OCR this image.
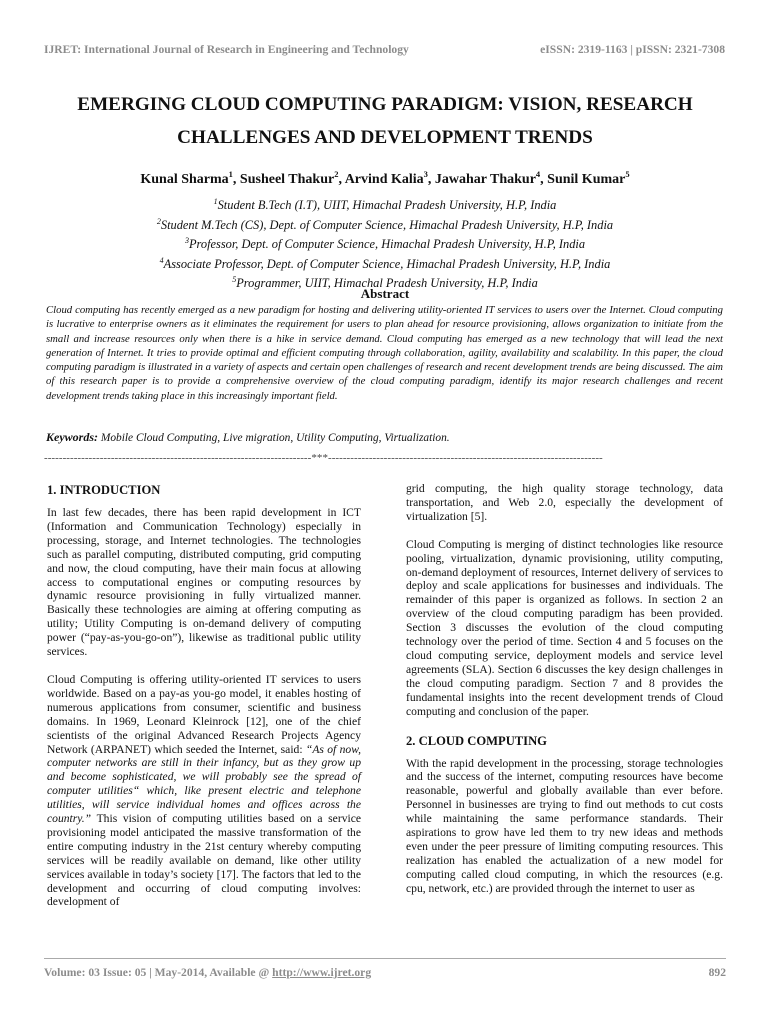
IJRET: International Journal of Research in Engineering and Technology	eISSN: 2319-1163 | pISSN: 2321-7308
EMERGING CLOUD COMPUTING PARADIGM: VISION, RESEARCH
CHALLENGES AND DEVELOPMENT TRENDS
Kunal Sharma$^1$, Susheel Thakur$^2$, Arvind Kalia$^3$, Jawahar Thakur$^4$, Sunil Kumar$^5$
$^1$Student B.Tech (I.T), UIIT, Himachal Pradesh University, H.P, India
$^2$Student M.Tech (CS), Dept. of Computer Science, Himachal Pradesh University, H.P, India
$^3$Professor, Dept. of Computer Science, Himachal Pradesh University, H.P, India
$^4$Associate Professor, Dept. of Computer Science, Himachal Pradesh University, H.P, India
$^5$Programmer, UIIT, Himachal Pradesh University, H.P, India
Abstract
Cloud computing has recently emerged as a new paradigm for hosting and delivering utility-oriented IT services to users over the Internet. Cloud computing is lucrative to enterprise owners as it eliminates the requirement for users to plan ahead for resource provisioning, allows organization to initiate from the small and increase resources only when there is a hike in service demand. Cloud computing has emerged as a new technology that will lead the next generation of Internet. It tries to provide optimal and efficient computing through collaboration, agility, availability and scalability. In this paper, the cloud computing paradigm is illustrated in a variety of aspects and certain open challenges of research and recent development trends are being discussed. The aim of this research paper is to provide a comprehensive overview of the cloud computing paradigm, identify its major research challenges and recent development trends taking place in this increasingly important field.
Keywords: Mobile Cloud Computing, Live migration, Utility Computing, Virtualization.
------------------------------------------------------------------------***--------------------------------------------------------------------------
1. INTRODUCTION

In last few decades, there has been rapid development in ICT (Information and Communication Technology) especially in processing, storage, and Internet technologies. The technologies such as parallel computing, distributed computing, grid computing and now, the cloud computing, have their main focus at allowing access to computational engines or computing resources by dynamic resource provisioning in fully virtualized manner. Basically these technologies are aiming at offering computing as utility; Utility Computing is on-demand delivery of computing power (“pay-as-you-go-on”), likewise as traditional public utility services.

Cloud Computing is offering utility-oriented IT services to users worldwide. Based on a pay-as you-go model, it enables hosting of numerous applications from consumer, scientific and business domains. In 1969, Leonard Kleinrock [12], one of the chief scientists of the original Advanced Research Projects Agency Network (ARPANET) which seeded the Internet, said: “As of now, computer networks are still in their infancy, but as they grow up and become sophisticated, we will probably see the spread of computer utilities“ which, like present electric and telephone utilities, will service individual homes and offices across the country.” This vision of computing utilities based on a service provisioning model anticipated the massive transformation of the entire computing industry in the 21st century whereby computing services will be readily available on demand, like other utility services available in today’s society [17]. The factors that led to the development and occurring of cloud computing involves: development of

grid computing, the high quality storage technology, data transportation, and Web 2.0, especially the development of virtualization [5].

Cloud Computing is merging of distinct technologies like resource pooling, virtualization, dynamic provisioning, utility computing, on-demand deployment of resources, Internet delivery of services to deploy and scale applications for businesses and individuals. The remainder of this paper is organized as follows. In section 2 an overview of the cloud computing paradigm has been provided. Section 3 discusses the evolution of the cloud computing technology over the period of time. Section 4 and 5 focuses on the cloud computing service, deployment models and service level agreements (SLA). Section 6 discusses the key design challenges in the cloud computing paradigm. Section 7 and 8 provides the fundamental insights into the recent development trends of Cloud computing and conclusion of the paper.

2. CLOUD COMPUTING

With the rapid development in the processing, storage technologies and the success of the internet, computing resources have become reasonable, powerful and globally available than ever before. Personnel in businesses are trying to find out methods to cut costs while maintaining the same performance standards. Their aspirations to grow have led them to try new ideas and methods even under the peer pressure of limiting computing resources. This realization has enabled the actualization of a new model for computing called cloud computing, in which the resources (e.g. cpu, network, etc.) are provided through the internet to user as

Volume: 03 Issue: 05 | May-2014, Available @ http://www.ijret.org	892
